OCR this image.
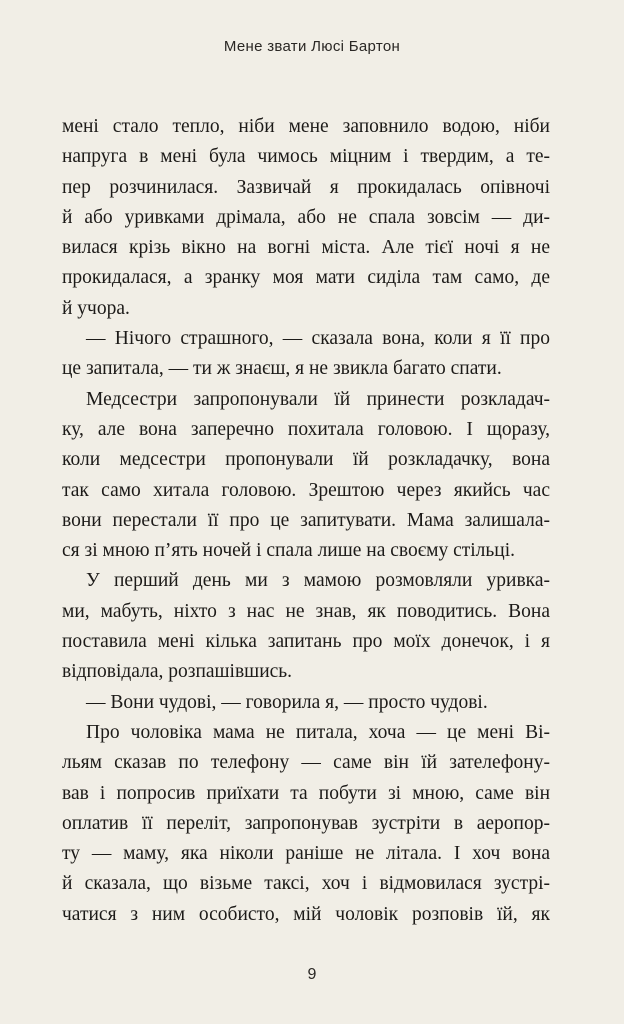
Мене звати Люсі Бартон
мені стало тепло, ніби мене заповнило водою, ніби
напруга в мені була чимось міцним і твердим, а те-
пер розчинилася. Зазвичай я прокидалась опівночі
й або уривками дрімала, або не спала зовсім — ди-
вилася крізь вікно на вогні міста. Але тієї ночі я не
прокидалася, а зранку моя мати сиділа там само, де
й учора.
— Нічого страшного, — сказала вона, коли я її про
це запитала, — ти ж знаєш, я не звикла багато спати.
Медсестри запропонували їй принести розкладач-
ку, але вона заперечно похитала головою. І щоразу,
коли медсестри пропонували їй розкладачку, вона
так само хитала головою. Зрештою через якийсь час
вони перестали її про це запитувати. Мама залишала-
ся зі мною п’ять ночей і спала лише на своєму стільці.
У перший день ми з мамою розмовляли уривка-
ми, мабуть, ніхто з нас не знав, як поводитись. Вона
поставила мені кілька запитань про моїх донечок, і я
відповідала, розпашівшись.
— Вони чудові, — говорила я, — просто чудові.
Про чоловіка мама не питала, хоча — це мені Ві-
льям сказав по телефону — саме він їй зателефону-
вав і попросив приїхати та побути зі мною, саме він
оплатив її переліт, запропонував зустріти в аеропор-
ту — маму, яка ніколи раніше не літала. І хоч вона
й сказала, що візьме таксі, хоч і відмовилася зустрі-
чатися з ним особисто, мій чоловік розповів їй, як
9
